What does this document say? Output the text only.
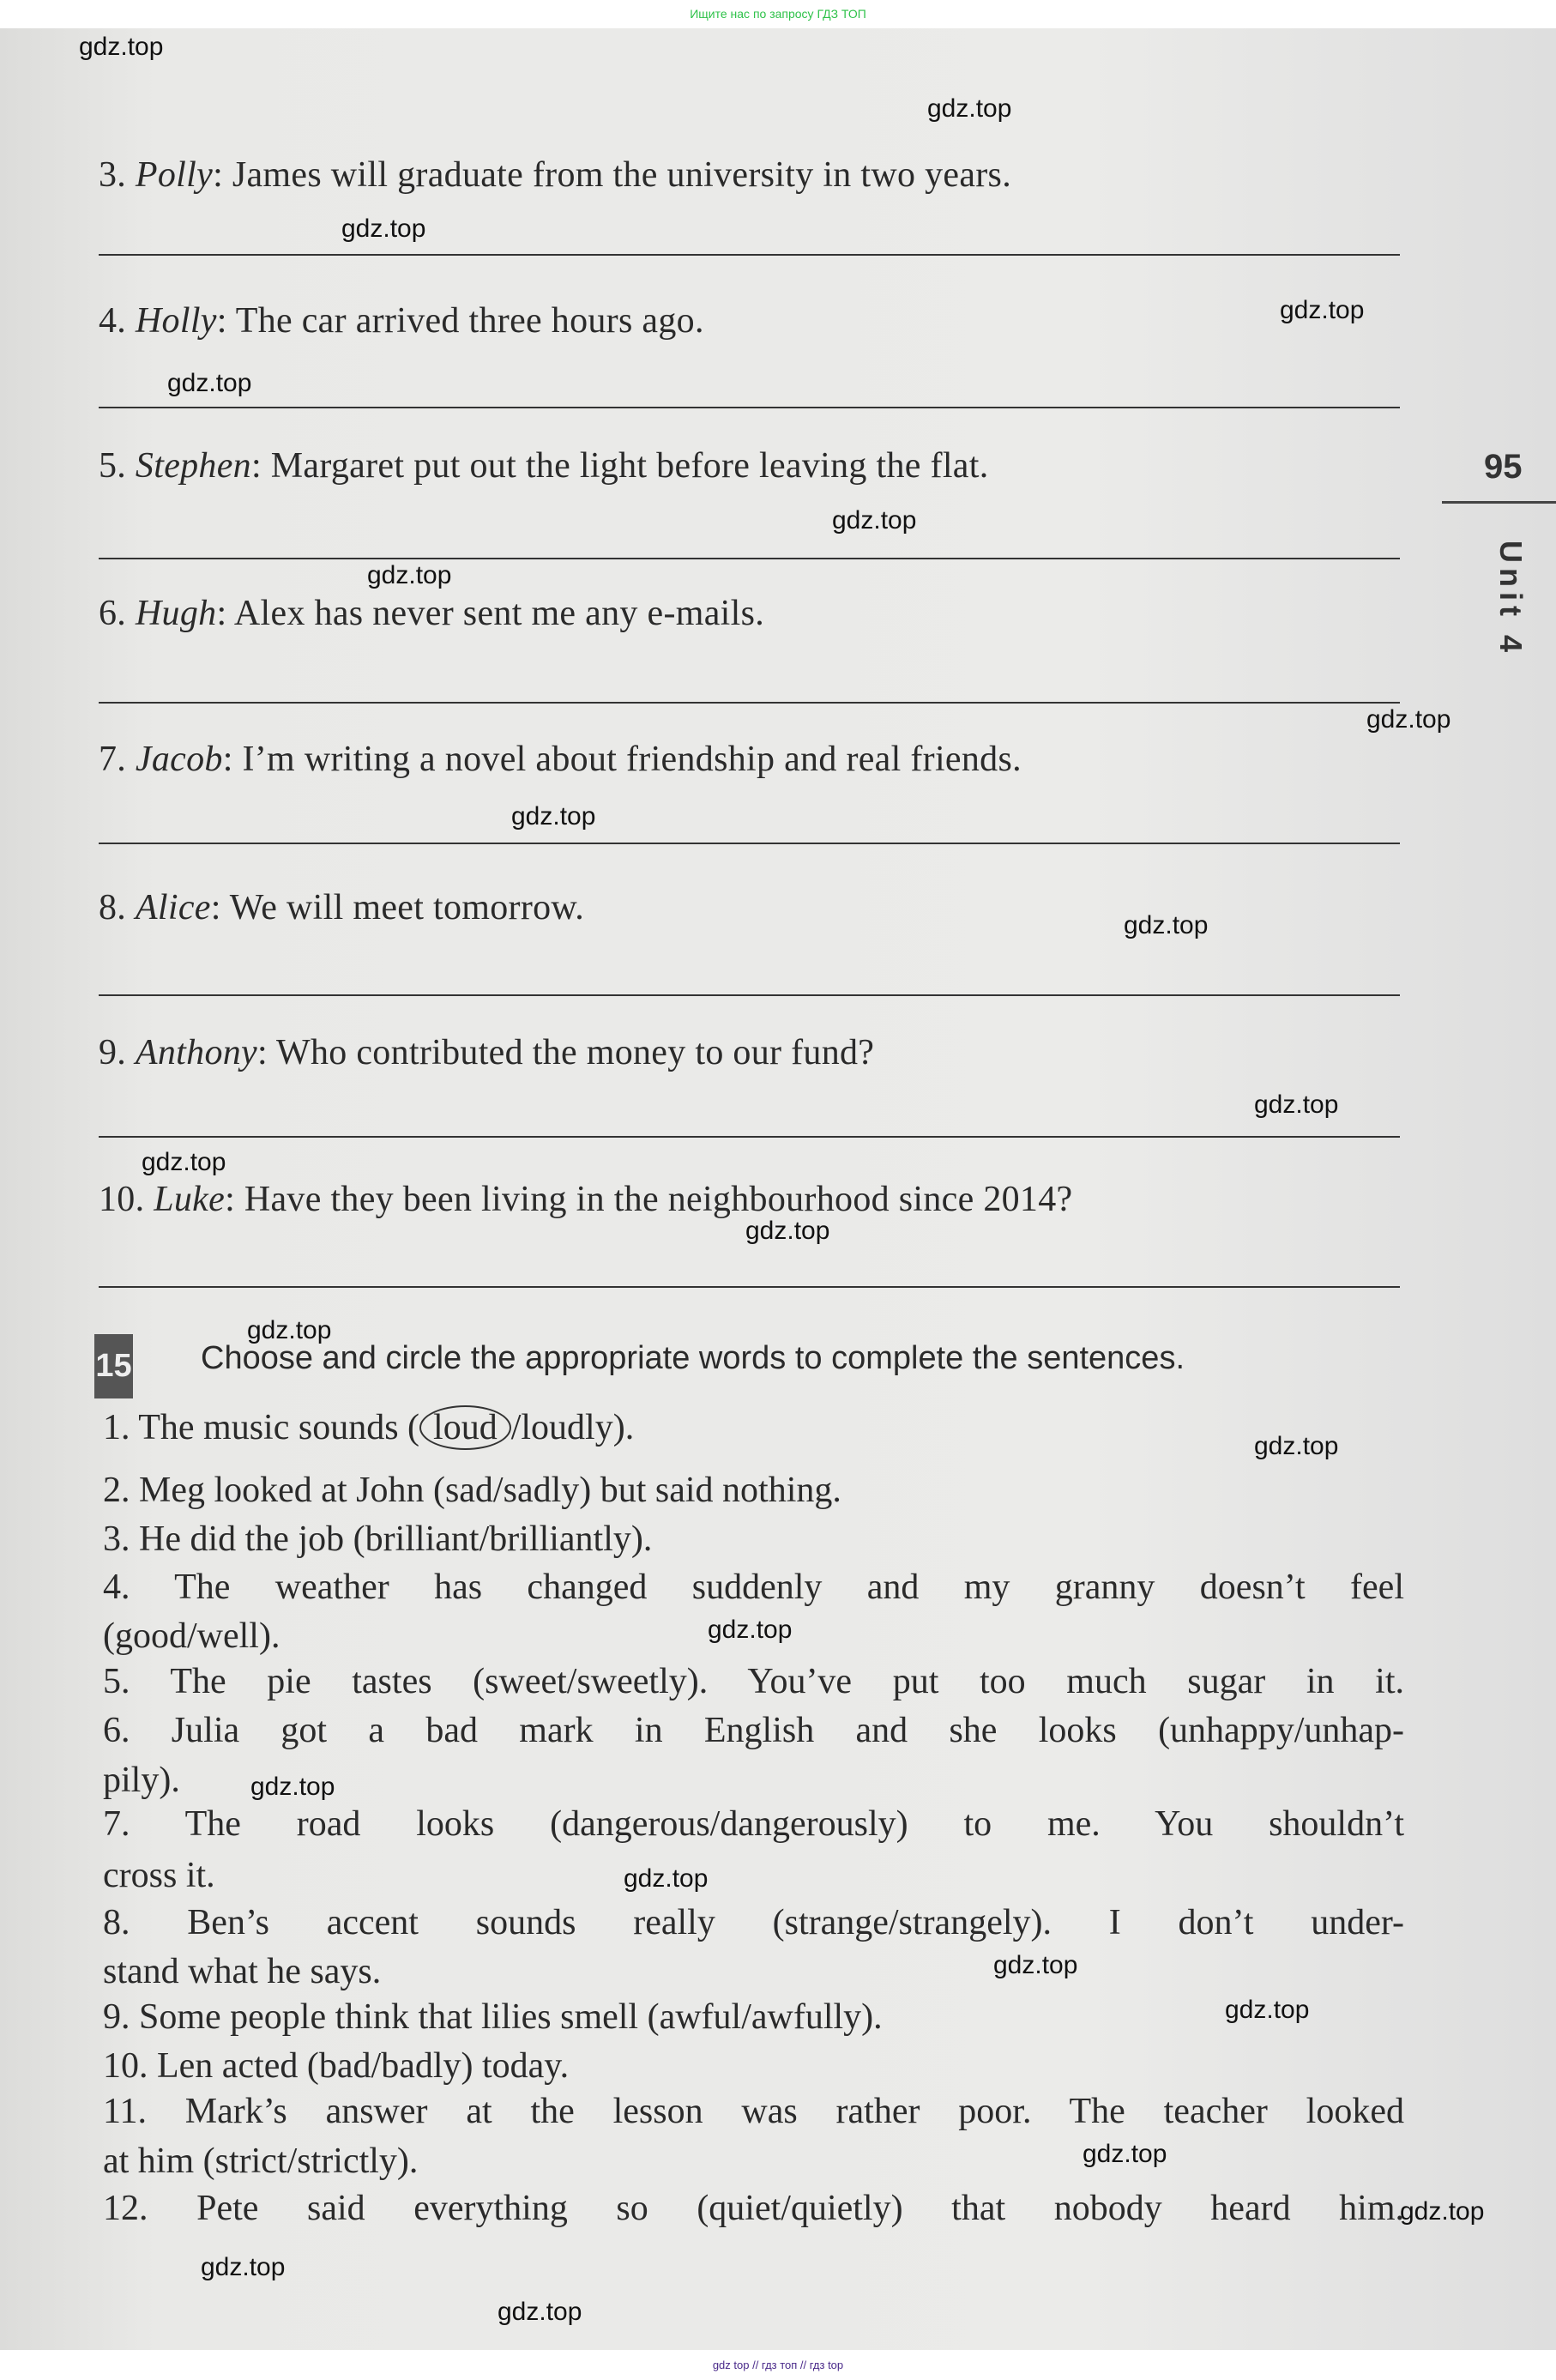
Ищите нас по запросу ГДЗ ТОП
gdz top // гдз топ // гдз top
95
Unit 4
3. Polly: James will graduate from the university in two years.
4. Holly: The car arrived three hours ago.
5. Stephen: Margaret put out the light before leaving the flat.
6. Hugh: Alex has never sent me any e-mails.
7. Jacob: I’m writing a novel about friendship and real friends.
8. Alice: We will meet tomorrow.
9. Anthony: Who contributed the money to our fund?
10. Luke: Have they been living in the neighbourhood since 2014?
15 Choose and circle the appropriate words to complete the sentences.
1. The music sounds ( loud /loudly).
2. Meg looked at John (sad/sadly) but said nothing.
3. He did the job (brilliant/brilliantly).
4. The weather has changed suddenly and my granny doesn’t feel
(good/well).
5. The pie tastes (sweet/sweetly). You’ve put too much sugar in it.
6. Julia got a bad mark in English and she looks (unhappy/unhap-
pily).
7. The road looks (dangerous/dangerously) to me. You shouldn’t
cross it.
8. Ben’s accent sounds really (strange/strangely). I don’t under-
stand what he says.
9. Some people think that lilies smell (awful/awfully).
10. Len acted (bad/badly) today.
11. Mark’s answer at the lesson was rather poor. The teacher looked
at him (strict/strictly).
12. Pete said everything so (quiet/quietly) that nobody heard him.
gdz.top
gdz.top
gdz.top
gdz.top
gdz.top
gdz.top
gdz.top
gdz.top
gdz.top
gdz.top
gdz.top
gdz.top
gdz.top
gdz.top
gdz.top
gdz.top
gdz.top
gdz.top
gdz.top
gdz.top
gdz.top
gdz.top
gdz.top
gdz.top
